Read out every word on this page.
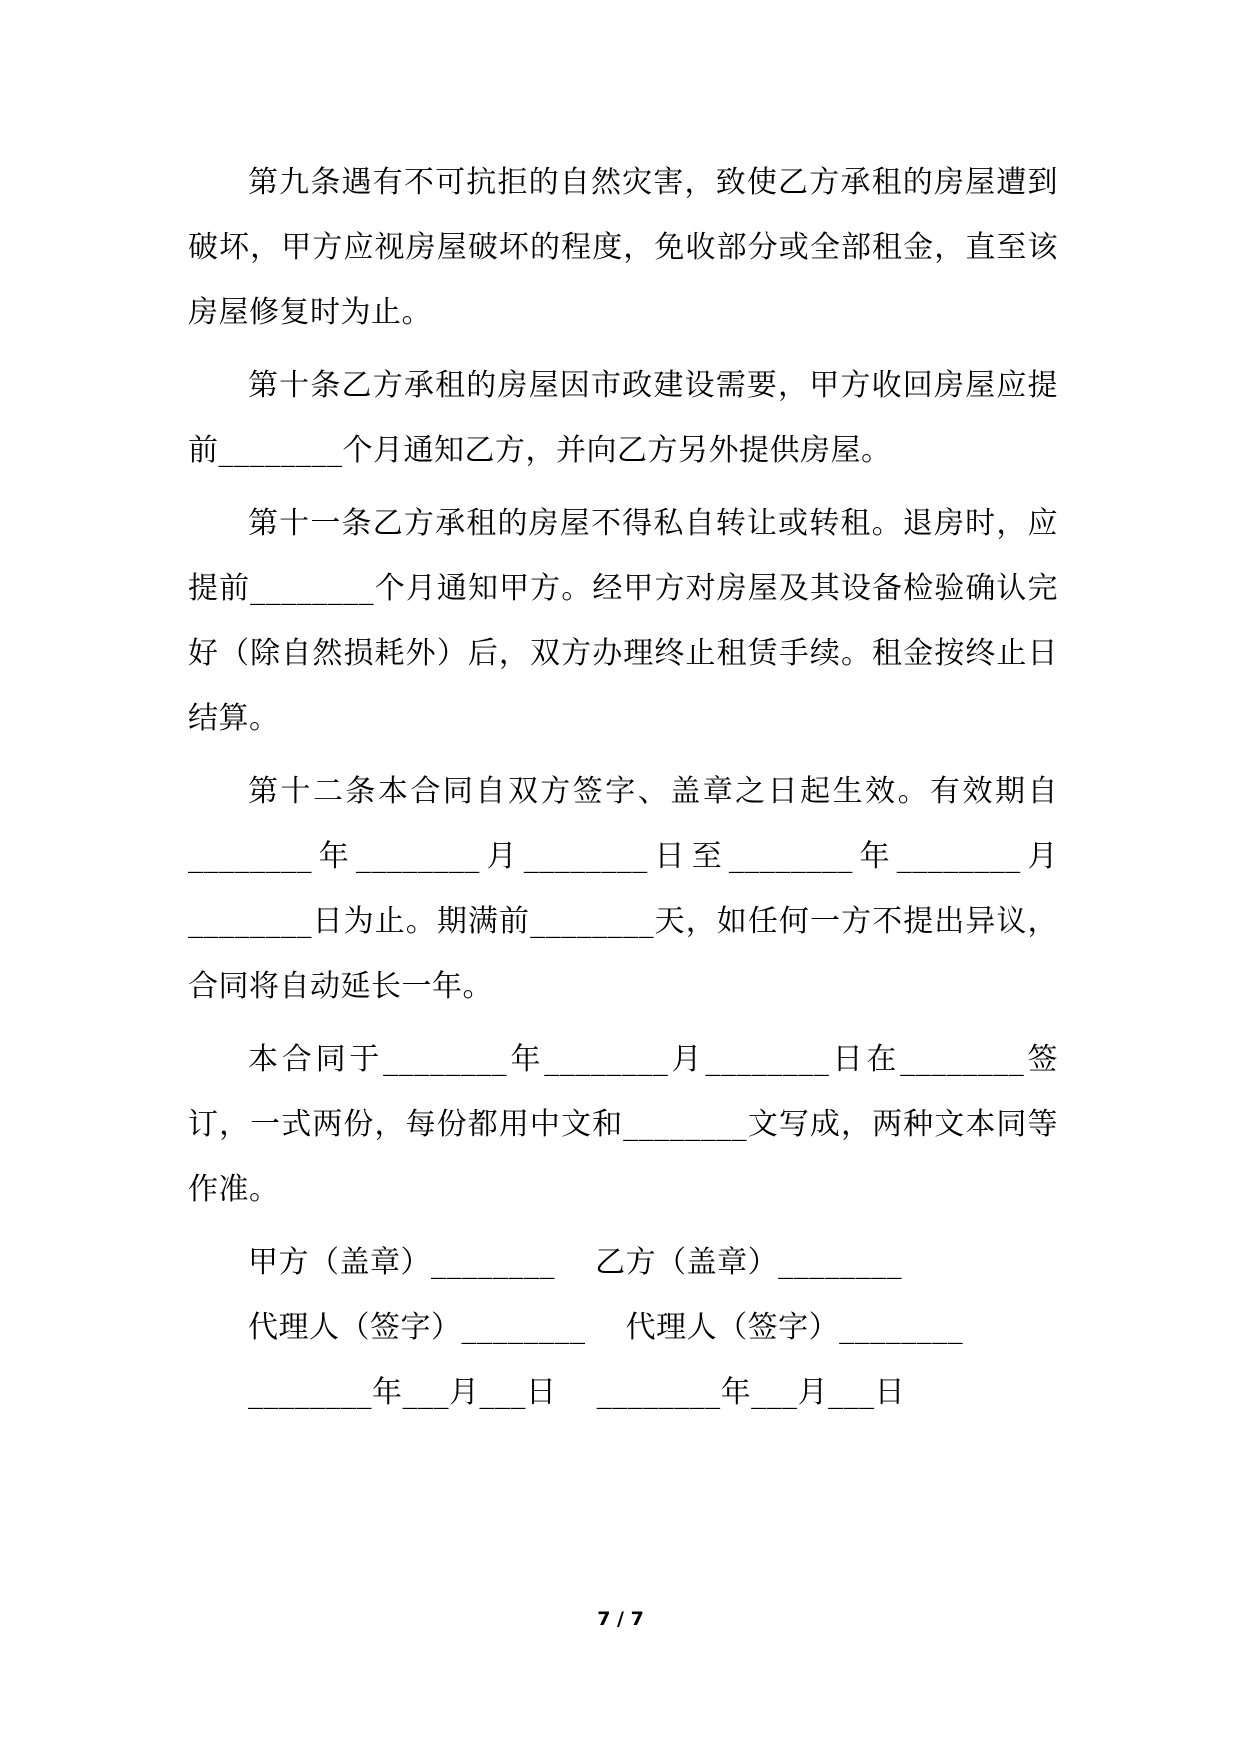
第九条遇有不可抗拒的自然灾害，致使乙方承租的房屋遭到破坏，甲方应视房屋破坏的程度，免收部分或全部租金，直至该房屋修复时为止。

第十条乙方承租的房屋因市政建设需要，甲方收回房屋应提前________个月通知乙方，并向乙方另外提供房屋。

第十一条乙方承租的房屋不得私自转让或转租。退房时，应提前________个月通知甲方。经甲方对房屋及其设备检验确认完好（除自然损耗外）后，双方办理终止租赁手续。租金按终止日结算。

第十二条本合同自双方签字、盖章之日起生效。有效期自________年________月________日至________年________月________日为止。期满前________天，如任何一方不提出异议，合同将自动延长一年。

本合同于________年________月________日在________签订，一式两份，每份都用中文和________文写成，两种文本同等作准。

甲方（盖章）________    乙方（盖章）________
代理人（签字）________    代理人（签字）________
________年___月___日    ________年___月___日
7 / 7
